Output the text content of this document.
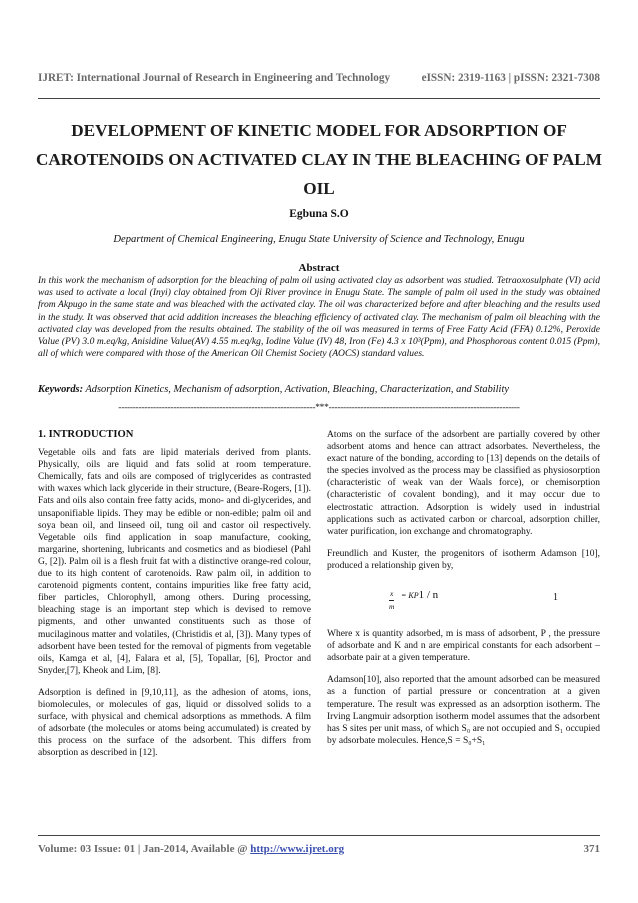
IJRET: International Journal of Research in Engineering and Technology	eISSN: 2319-1163 | pISSN: 2321-7308
DEVELOPMENT OF KINETIC MODEL FOR ADSORPTION OF CAROTENOIDS ON ACTIVATED CLAY IN THE BLEACHING OF PALM OIL
Egbuna S.O
Department of Chemical Engineering, Enugu State University of Science and Technology, Enugu
Abstract
In this work the mechanism of adsorption for the bleaching of palm oil using activated clay as adsorbent was studied. Tetraoxosulphate (VI) acid was used to activate a local (Inyi) clay obtained from Oji River province in Enugu State. The sample of palm oil used in the study was obtained from Akpugo in the same state and was bleached with the activated clay. The oil was characterized before and after bleaching and the results used in the study. It was observed that acid addition increases the bleaching efficiency of activated clay. The mechanism of palm oil bleaching with the activated clay was developed from the results obtained. The stability of the oil was measured in terms of Free Fatty Acid (FFA) 0.12%, Peroxide Value (PV) 3.0 m.eq/kg, Anisidine Value(AV) 4.55 m.eq/kg, Iodine Value (IV) 48, Iron (Fe) 4.3 x 10³(Ppm), and Phosphorous content 0.015 (Ppm), all of which were compared with those of the American Oil Chemist Society (AOCS) standard values.
Keywords: Adsorption Kinetics, Mechanism of adsorption, Activation, Bleaching, Characterization, and Stability
--------------------------------------------------------------------***------------------------------------------------------------------
1. INTRODUCTION

Vegetable oils and fats are lipid materials derived from plants. Physically, oils are liquid and fats solid at room temperature. Chemically, fats and oils are composed of triglycerides as contrasted with waxes which lack glyceride in their structure, (Beare-Rogers, [1]). Fats and oils also contain free fatty acids, mono- and di-glycerides, and unsaponifiable lipids. They may be edible or non-edible; palm oil and soya bean oil, and linseed oil, tung oil and castor oil respectively. Vegetable oils find application in soap manufacture, cooking, margarine, shortening, lubricants and cosmetics and as biodiesel (Pahl G, [2]). Palm oil is a flesh fruit fat with a distinctive orange-red colour, due to its high content of carotenoids. Raw palm oil, in addition to carotenoid pigments content, contains impurities like free fatty acid, fiber particles, Chlorophyll, among others. During processing, bleaching stage is an important step which is devised to remove pigments, and other unwanted constituents such as those of mucilaginous matter and volatiles, (Christidis et al, [3]). Many types of adsorbent have been tested for the removal of pigments from vegetable oils, Kamga et al, [4], Falara et al, [5], Topallar, [6], Proctor and Snyder,[7], Kheok and Lim, [8].

Adsorption is defined in [9,10,11], as the adhesion of atoms, ions, biomolecules, or molecules of gas, liquid or dissolved solids to a surface, with physical and chemical adsorptions as mmethods. A film of adsorbate (the molecules or atoms being accumulated) is created by this process on the surface of the adsorbent. This differs from absorption as described in [12].

Atoms on the surface of the adsorbent are partially covered by other adsorbent atoms and hence can attract adsorbates. Nevertheless, the exact nature of the bonding, according to [13] depends on the details of the species involved as the process may be classified as physiosorption (characteristic of weak van der Waals force), or chemisorption (characteristic of covalent bonding), and it may occur due to electrostatic attraction. Adsorption is widely used in industrial applications such as activated carbon or charcoal, adsorption chiller, water purification, ion exchange and chromatography.

Freundlich and Kuster, the progenitors of isotherm Adamson [10], produced a relationship given by,

$\frac{x}{m} = KP1 / n$	1

Where x is quantity adsorbed, m is mass of adsorbent, P , the pressure of adsorbate and K and n are empirical constants for each adsorbent – adsorbate pair at a given temperature.

Adamson[10], also reported that the amount adsorbed can be measured as a function of partial pressure or concentration at a given temperature. The result was expressed as an adsorption isotherm. The Irving Langmuir adsorption isotherm model assumes that the adsorbent has S sites per unit mass, of which S₀ are not occupied and S₁ occupied by adsorbate molecules. Hence,S = S₀+S₁

Volume: 03 Issue: 01 | Jan-2014, Available @ http://www.ijret.org	371
